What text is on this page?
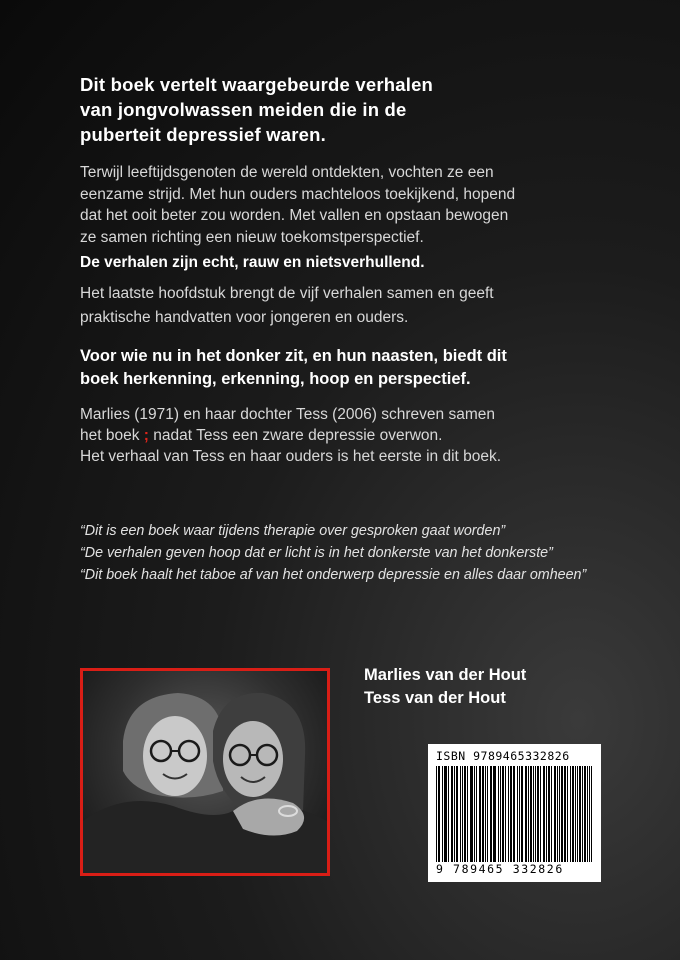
Dit boek vertelt waargebeurde verhalen
van jongvolwassen meiden die in de
puberteit depressief waren.
Terwijl leeftijdsgenoten de wereld ontdekten, vochten ze een
eenzame strijd. Met hun ouders machteloos toekijkend, hopend
dat het ooit beter zou worden. Met vallen en opstaan bewogen
ze samen richting een nieuw toekomstperspectief.
De verhalen zijn echt, rauw en nietsverhullend.
Het laatste hoofdstuk brengt de vijf verhalen samen en geeft
praktische handvatten voor jongeren en ouders.
Voor wie nu in het donker zit, en hun naasten, biedt dit
boek herkenning, erkenning, hoop en perspectief.
Marlies (1971) en haar dochter Tess (2006) schreven samen
het boek ; nadat Tess een zware depressie overwon.
Het verhaal van Tess en haar ouders is het eerste in dit boek.
“Dit is een boek waar tijdens therapie over gesproken gaat worden”
“De verhalen geven hoop dat er licht is in het donkerste van het donkerste”
“Dit boek haalt het taboe af van het onderwerp depressie en alles daar omheen”
Marlies van der Hout
Tess van der Hout
ISBN 9789465332826
9 789465 332826
